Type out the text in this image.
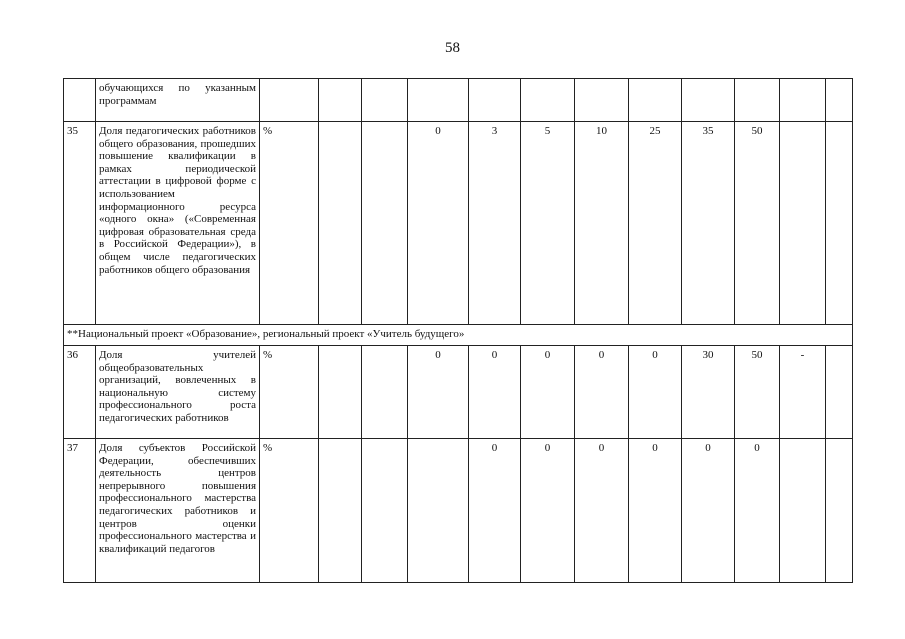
58
	обучающихся по указанным программам												
35	Доля педагогических работников общего образования, прошедших повышение квалификации в рамках периодической аттестации в цифровой форме с использованием информационного ресурса «одного окна» («Современная цифровая образовательная среда в Российской Федерации»), в общем числе педагогических работников общего образования	%			0	3	5	10	25	35	50		
**Национальный проект «Образование», региональный проект «Учитель будущего»													
36	Доля учителей общеобразовательных организаций, вовлеченных в национальную систему профессионального роста педагогических работников	%			0	0	0	0	0	30	50	-	
37	Доля субъектов Российской Федерации, обеспечивших деятельность центров непрерывного повышения профессионального мастерства педагогических работников и центров оценки профессионального мастерства и квалификаций педагогов	%				0	0	0	0	0	0		
